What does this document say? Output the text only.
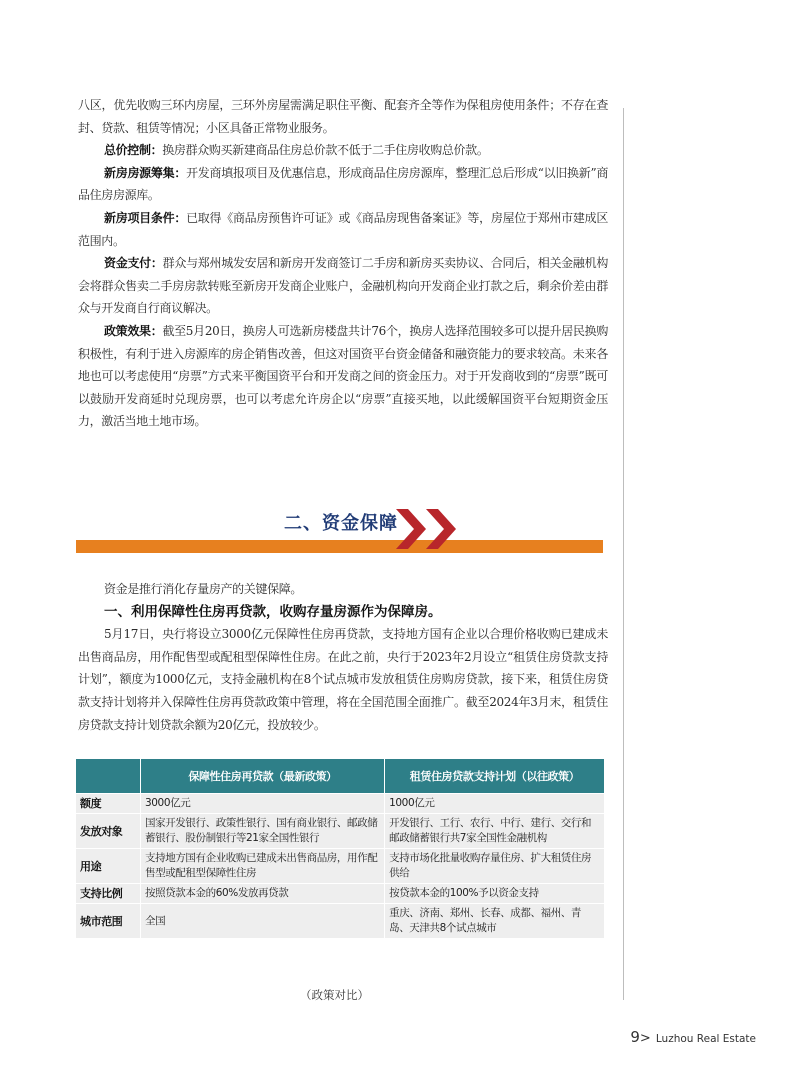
八区，优先收购三环内房屋，三环外房屋需满足职住平衡、配套齐全等作为保租房使用条件；不存在查封、贷款、租赁等情况；小区具备正常物业服务。

总价控制：换房群众购买新建商品住房总价款不低于二手住房收购总价款。

新房房源筹集：开发商填报项目及优惠信息，形成商品住房房源库，整理汇总后形成“以旧换新”商品住房房源库。

新房项目条件：已取得《商品房预售许可证》或《商品房现售备案证》等，房屋位于郑州市建成区范围内。

资金支付：群众与郑州城发安居和新房开发商签订二手房和新房买卖协议、合同后，相关金融机构会将群众售卖二手房房款转账至新房开发商企业账户，金融机构向开发商企业打款之后，剩余价差由群众与开发商自行商议解决。

政策效果：截至5月20日，换房人可选新房楼盘共计76个，换房人选择范围较多可以提升居民换购积极性，有利于进入房源库的房企销售改善，但这对国资平台资金储备和融资能力的要求较高。未来各地也可以考虑使用“房票”方式来平衡国资平台和开发商之间的资金压力。对于开发商收到的“房票”既可以鼓励开发商延时兑现房票，也可以考虑允许房企以“房票”直接买地，以此缓解国资平台短期资金压力，激活当地土地市场。

二、资金保障

资金是推行消化存量房产的关键保障。

一、利用保障性住房再贷款，收购存量房源作为保障房。

5月17日，央行将设立3000亿元保障性住房再贷款，支持地方国有企业以合理价格收购已建成未出售商品房，用作配售型或配租型保障性住房。在此之前，央行于2023年2月设立“租赁住房贷款支持计划”，额度为1000亿元，支持金融机构在8个试点城市发放租赁住房购房贷款，接下来，租赁住房贷款支持计划将并入保障性住房再贷款政策中管理，将在全国范围全面推广。截至2024年3月末，租赁住房贷款支持计划贷款余额为20亿元，投放较少。

	保障性住房再贷款（最新政策）	租赁住房贷款支持计划（以往政策）
额度	3000亿元	1000亿元
发放对象	国家开发银行、政策性银行、国有商业银行、邮政储蓄银行、股份制银行等21家全国性银行	开发银行、工行、农行、中行、建行、交行和邮政储蓄银行共7家全国性金融机构
用途	支持地方国有企业收购已建成未出售商品房，用作配售型或配租型保障性住房	支持市场化批量收购存量住房、扩大租赁住房供给
支持比例	按照贷款本金的60%发放再贷款	按贷款本金的100%予以资金支持
城市范围	全国	重庆、济南、郑州、长春、成都、福州、青岛、天津共8个试点城市
（政策对比）
9> Luzhou Real Estate
